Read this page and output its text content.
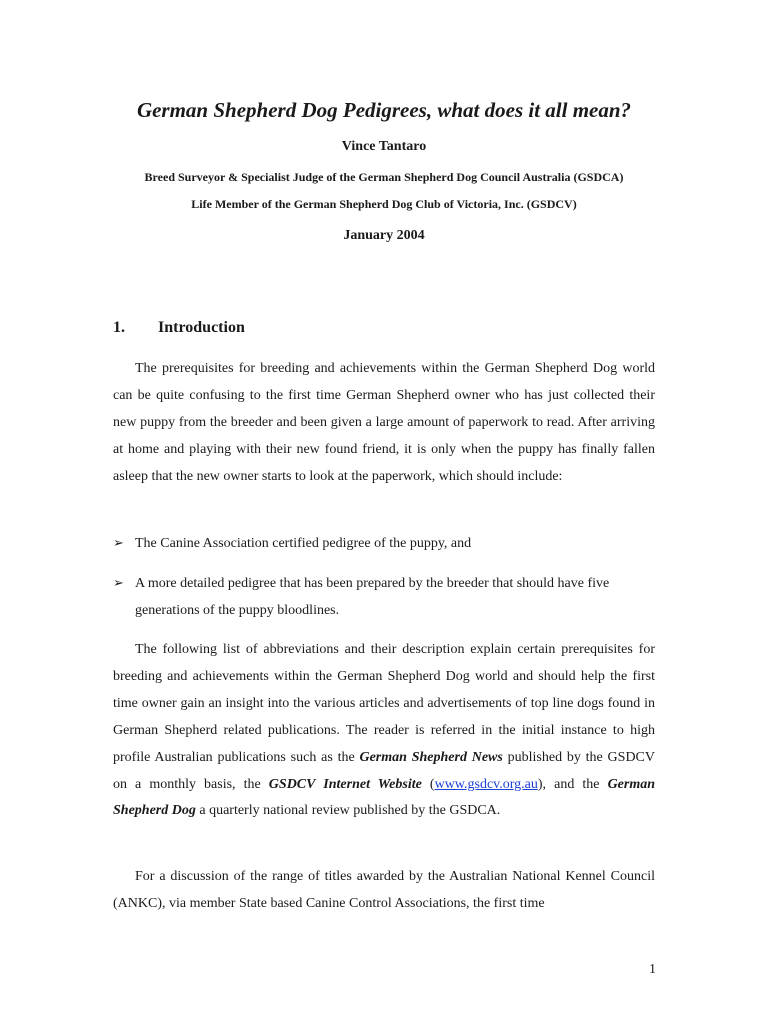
German Shepherd Dog Pedigrees, what does it all mean?
Vince Tantaro
Breed Surveyor & Specialist Judge of the German Shepherd Dog Council Australia (GSDCA)
Life Member of the German Shepherd Dog Club of Victoria, Inc. (GSDCV)
January 2004
1. Introduction

The prerequisites for breeding and achievements within the German Shepherd Dog world can be quite confusing to the first time German Shepherd owner who has just collected their new puppy from the breeder and been given a large amount of paperwork to read. After arriving at home and playing with their new found friend, it is only when the puppy has finally fallen asleep that the new owner starts to look at the paperwork, which should include:

➢ The Canine Association certified pedigree of the puppy, and
➢ A more detailed pedigree that has been prepared by the breeder that should have five generations of the puppy bloodlines.

The following list of abbreviations and their description explain certain prerequisites for breeding and achievements within the German Shepherd Dog world and should help the first time owner gain an insight into the various articles and advertisements of top line dogs found in German Shepherd related publications. The reader is referred in the initial instance to high profile Australian publications such as the German Shepherd News published by the GSDCV on a monthly basis, the GSDCV Internet Website (www.gsdcv.org.au), and the German Shepherd Dog a quarterly national review published by the GSDCA.

For a discussion of the range of titles awarded by the Australian National Kennel Council (ANKC), via member State based Canine Control Associations, the first time

1
